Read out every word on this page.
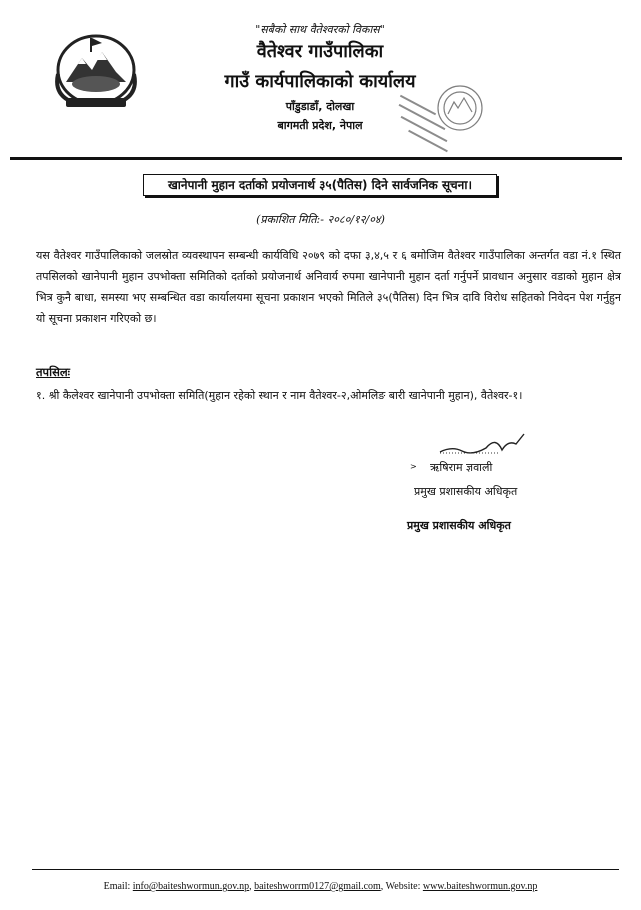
"सबैको साथ वैतेश्वरको विकास"

वैतेश्वर गाउँपालिका

गाउँ कार्यपालिकाको कार्यालय

पाँडुडाडाँ, दोलखा

बागमती प्रदेश, नेपाल

खानेपानी मुहान दर्ताको प्रयोजनार्थ ३५(पैतिस) दिने सार्वजनिक सूचना।
(प्रकाशित मिति:- २०८०/१२/०४)

यस वैतेश्वर गाउँपालिकाको जलस्रोत व्यवस्थापन सम्बन्धी कार्यविधि २०७९ को दफा ३,४,५ र ६ बमोजिम वैतेश्वर गाउँपालिका अन्तर्गत वडा नं.१ स्थित तपसिलको खानेपानी मुहान उपभोक्ता समितिको दर्ताको प्रयोजनार्थ अनिवार्य रुपमा खानेपानी मुहान दर्ता गर्नुपर्ने प्रावधान अनुसार वडाको मुहान क्षेत्र भित्र कुनै बाधा, समस्या भए सम्बन्धित वडा कार्यालयमा सूचना प्रकाशन भएको मितिले ३५(पैतिस) दिन भित्र दावि विरोध सहितको निवेदन पेश गर्नुहुन यो सूचना प्रकाशन गरिएको छ।

तपसिलः
१. श्री कैलेश्वर खानेपानी उपभोक्ता समिति(मुहान रहेको स्थान र नाम वैतेश्वर-२,ओमलिङ बारी खानेपानी मुहान), वैतेश्वर-१।
> ऋषिराम ज्ञवाली
प्रमुख प्रशासकीय अधिकृत
प्रमुख प्रशासकीय अधिकृत
Email: info@baiteshwormun.gov.np, baiteshworrm0127@gmail.com, Website: www.baiteshwormun.gov.np
